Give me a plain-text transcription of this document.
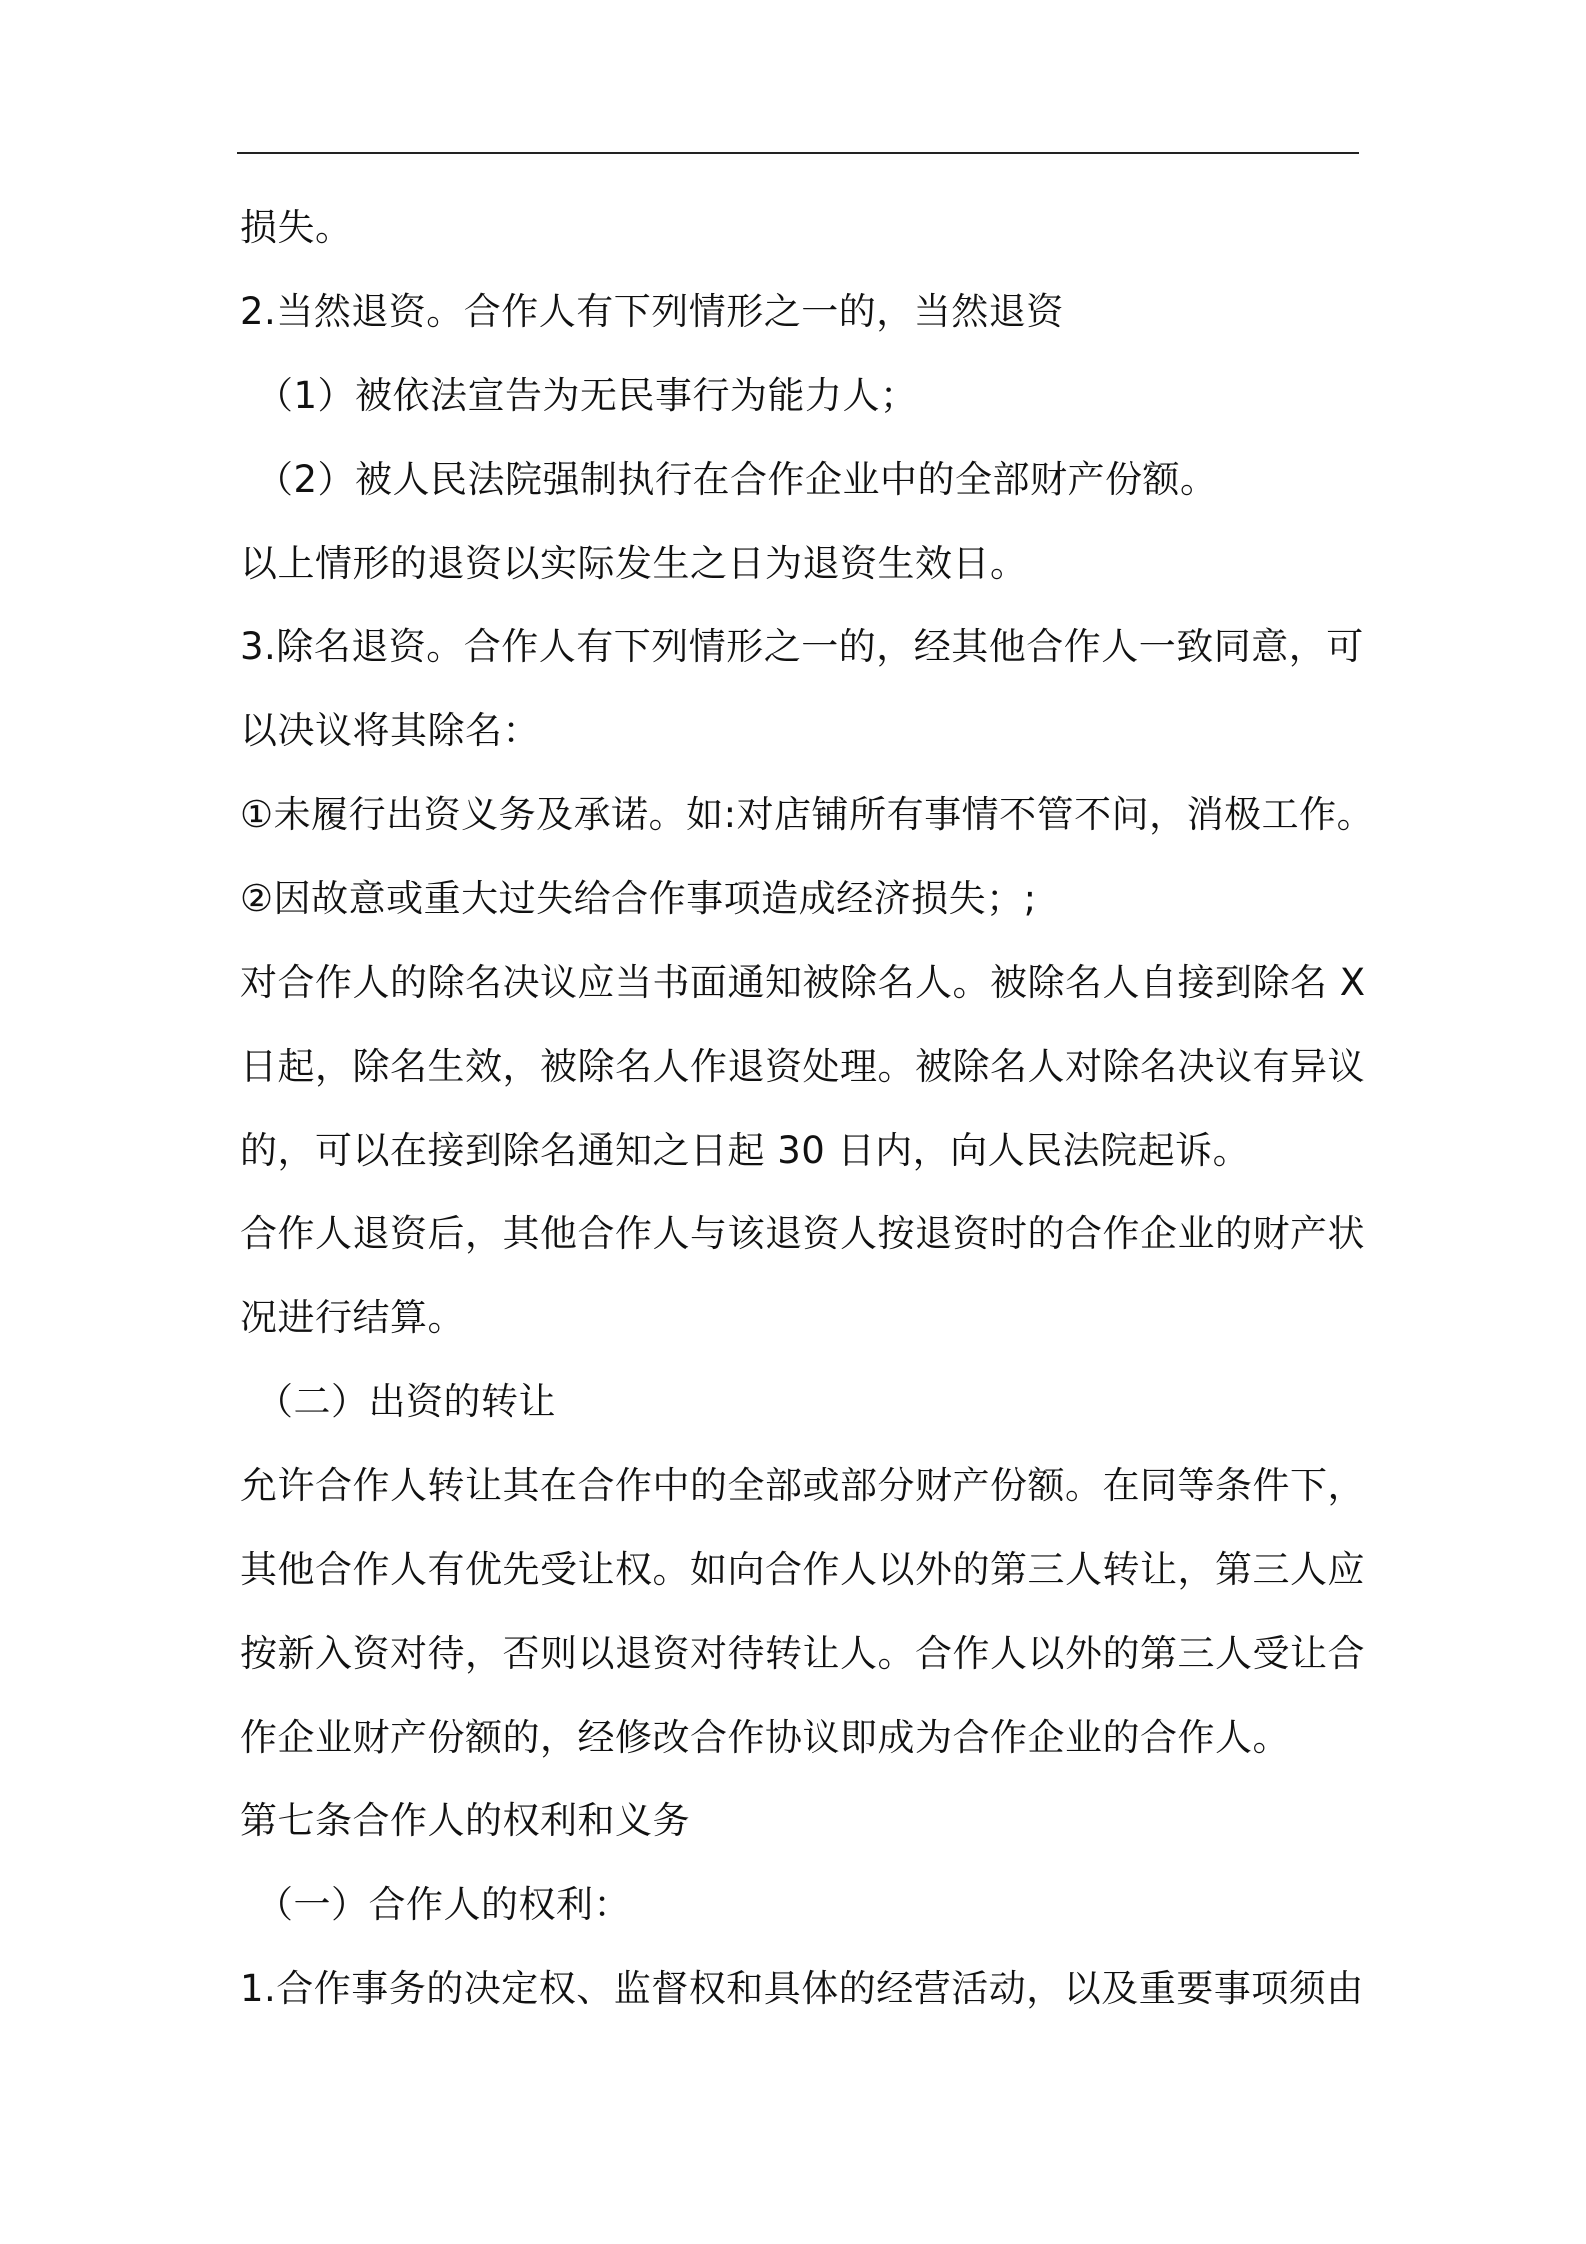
损失。
2.当然退资。合作人有下列情形之一的，当然退资
（1）被依法宣告为无民事行为能力人；
（2）被人民法院强制执行在合作企业中的全部财产份额。
以上情形的退资以实际发生之日为退资生效日。
3.除名退资。合作人有下列情形之一的，经其他合作人一致同意，可
以决议将其除名：
①未履行出资义务及承诺。如:对店铺所有事情不管不问，消极工作。
②因故意或重大过失给合作事项造成经济损失；;
对合作人的除名决议应当书面通知被除名人。被除名人自接到除名 X
日起，除名生效，被除名人作退资处理。被除名人对除名决议有异议
的，可以在接到除名通知之日起 30 日内，向人民法院起诉。
合作人退资后，其他合作人与该退资人按退资时的合作企业的财产状
况进行结算。
（二）出资的转让
允许合作人转让其在合作中的全部或部分财产份额。在同等条件下，
其他合作人有优先受让权。如向合作人以外的第三人转让，第三人应
按新入资对待，否则以退资对待转让人。合作人以外的第三人受让合
作企业财产份额的，经修改合作协议即成为合作企业的合作人。
第七条合作人的权利和义务
（一）合作人的权利：
1.合作事务的决定权、监督权和具体的经营活动，以及重要事项须由
